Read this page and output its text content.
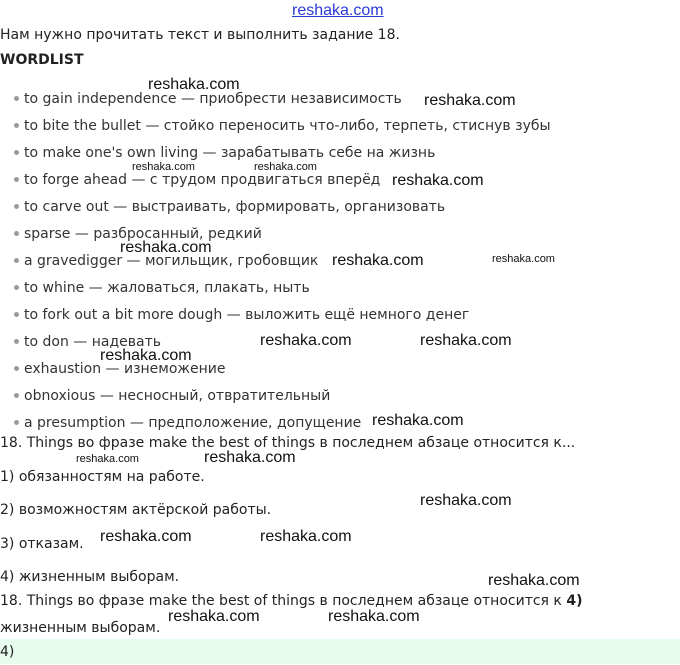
reshaka.com
Нам нужно прочитать текст и выполнить задание 18.
WORDLIST
to gain independence — приобрести независимость
to bite the bullet — стойко переносить что-либо, терпеть, стиснув зубы
to make one's own living — зарабатывать себе на жизнь
to forge ahead — с трудом продвигаться вперёд
to carve out — выстраивать, формировать, организовать
sparse — разбросанный, редкий
a gravedigger — могильщик, гробовщик
to whine — жаловаться, плакать, ныть
to fork out a bit more dough — выложить ещё немного денег
to don — надевать
exhaustion — изнеможение
obnoxious — несносный, отвратительный
a presumption — предположение, допущение
18. Things во фразе make the best of things в последнем абзаце относится к...
1) обязанностям на работе.
2) возможностям актёрской работы.
3) отказам.
4) жизненным выборам.
18. Things во фразе make the best of things в последнем абзаце относится к 4)
жизненным выборам.
4)
reshaka.com
reshaka.com
reshaka.com	reshaka.com
reshaka.com
reshaka.com
reshaka.com	reshaka.com
reshaka.com	reshaka.com
reshaka.com
reshaka.com
reshaka.com
reshaka.com
reshaka.com
reshaka.com	reshaka.com
reshaka.com
reshaka.com	reshaka.com
